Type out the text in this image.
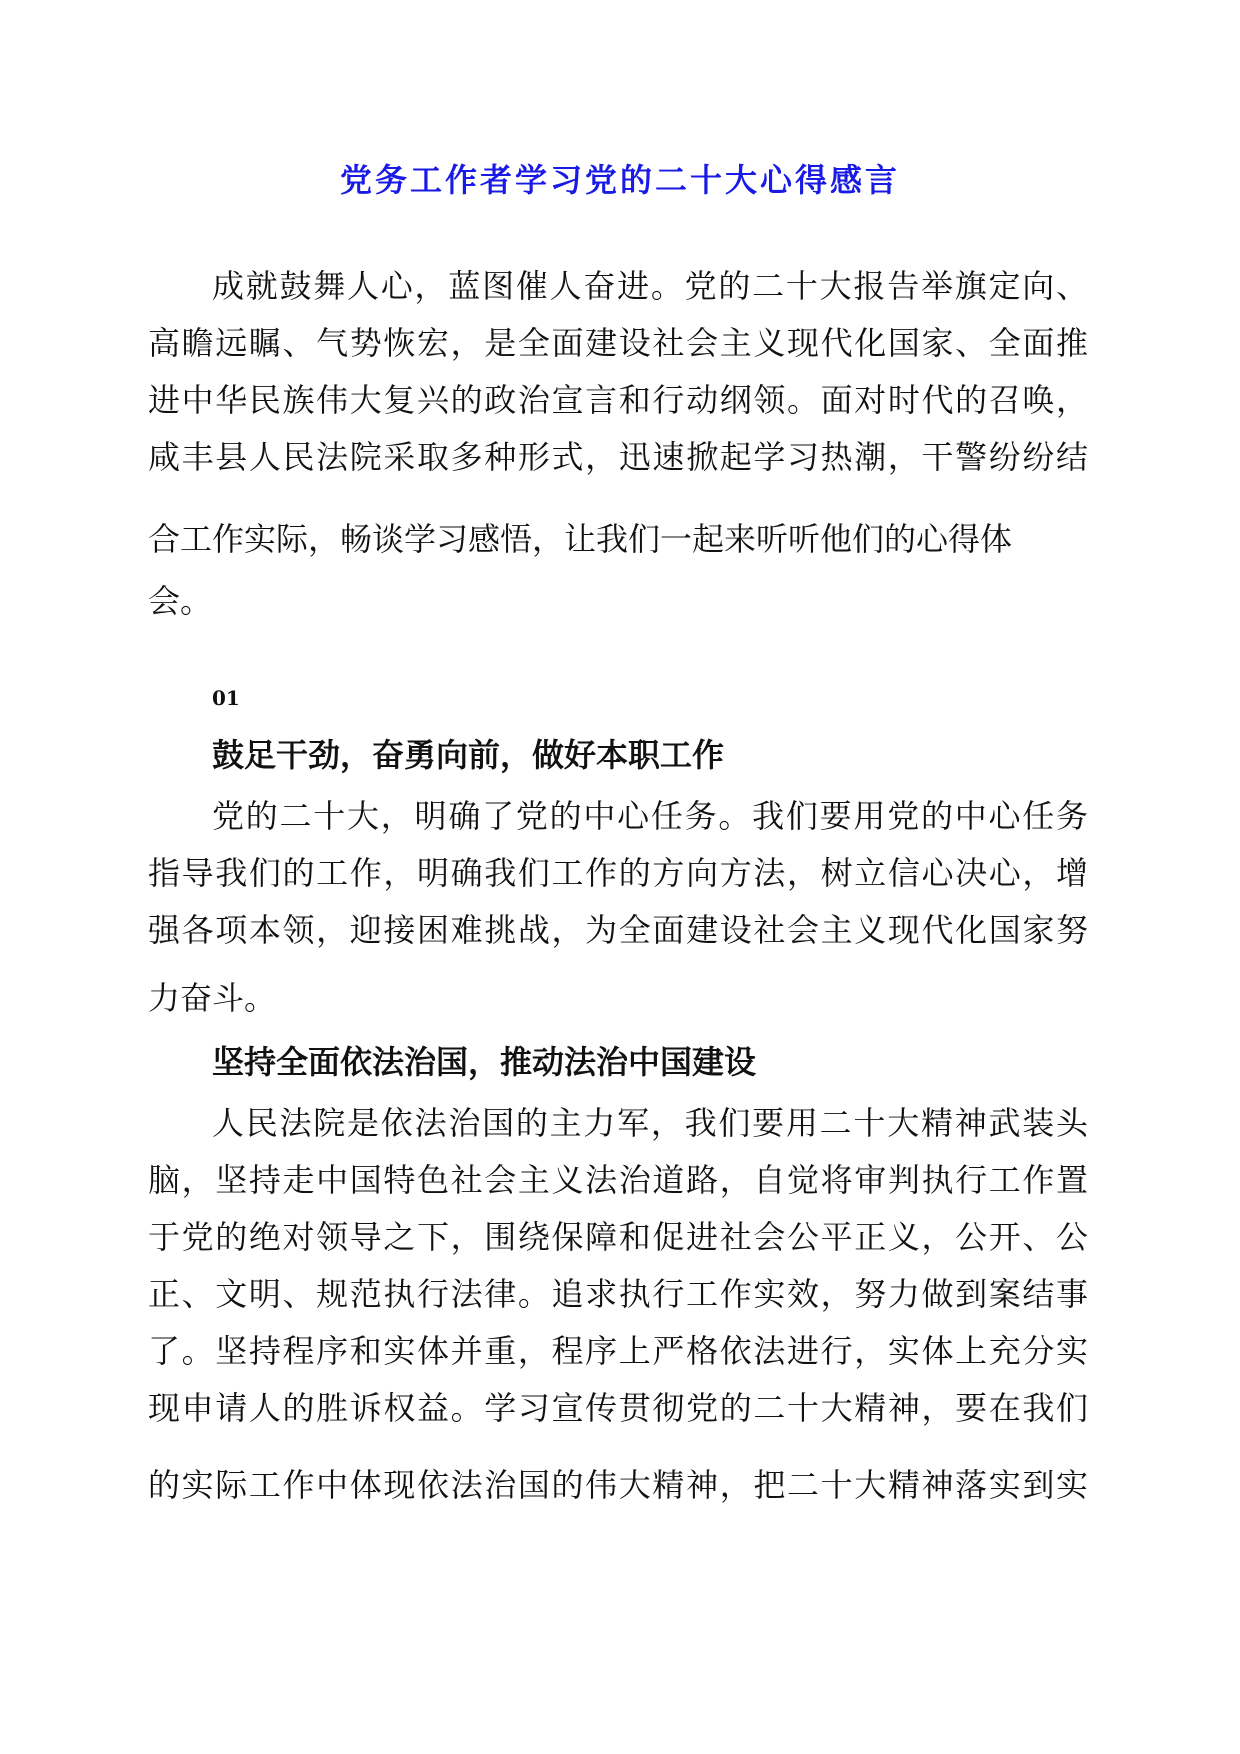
党务工作者学习党的二十大心得感言
成就鼓舞人心，蓝图催人奋进。党的二十大报告举旗定向、
高瞻远瞩、气势恢宏，是全面建设社会主义现代化国家、全面推
进中华民族伟大复兴的政治宣言和行动纲领。面对时代的召唤，
咸丰县人民法院采取多种形式，迅速掀起学习热潮，干警纷纷结
合工作实际，畅谈学习感悟，让我们一起来听听他们的心得体
会。
01
鼓足干劲，奋勇向前，做好本职工作
党的二十大，明确了党的中心任务。我们要用党的中心任务
指导我们的工作，明确我们工作的方向方法，树立信心决心，增
强各项本领，迎接困难挑战，为全面建设社会主义现代化国家努
力奋斗。
坚持全面依法治国，推动法治中国建设
人民法院是依法治国的主力军，我们要用二十大精神武装头
脑，坚持走中国特色社会主义法治道路，自觉将审判执行工作置
于党的绝对领导之下，围绕保障和促进社会公平正义，公开、公
正、文明、规范执行法律。追求执行工作实效，努力做到案结事
了。坚持程序和实体并重，程序上严格依法进行，实体上充分实
现申请人的胜诉权益。学习宣传贯彻党的二十大精神，要在我们
的实际工作中体现依法治国的伟大精神，把二十大精神落实到实
